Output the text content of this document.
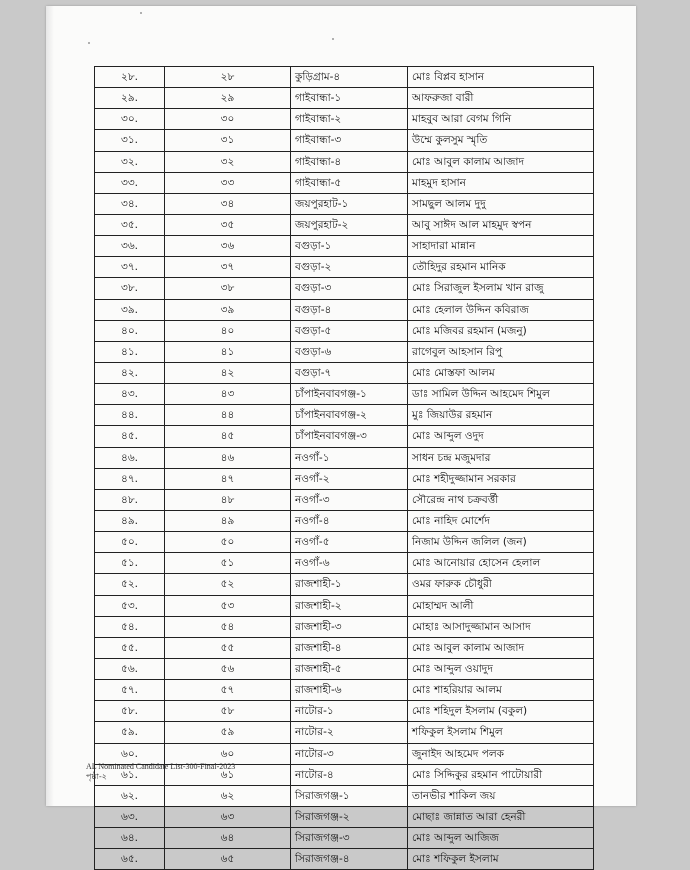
২৮.	২৮	কুড়িগ্রাম-৪	মোঃ বিপ্লব হাসান
২৯.	২৯	গাইবান্ধা-১	আফরুজা বারী
৩০.	৩০	গাইবান্ধা-২	মাহবুব আরা বেগম গিনি
৩১.	৩১	গাইবান্ধা-৩	উম্মে কুলসুম স্মৃতি
৩২.	৩২	গাইবান্ধা-৪	মোঃ আবুল কালাম আজাদ
৩৩.	৩৩	গাইবান্ধা-৫	মাহমুদ হাসান
৩৪.	৩৪	জয়পুরহাট-১	সামছুল আলম দুদু
৩৫.	৩৫	জয়পুরহাট-২	আবু সাঈদ আল মাহমুদ স্বপন
৩৬.	৩৬	বগুড়া-১	সাহাদারা মান্নান
৩৭.	৩৭	বগুড়া-২	তৌহিদুর রহমান মানিক
৩৮.	৩৮	বগুড়া-৩	মোঃ সিরাজুল ইসলাম খান রাজু
৩৯.	৩৯	বগুড়া-৪	মোঃ হেলাল উদ্দিন কবিরাজ
৪০.	৪০	বগুড়া-৫	মোঃ মজিবর রহমান (মজনু)
৪১.	৪১	বগুড়া-৬	রাগেবুল আহসান রিপু
৪২.	৪২	বগুড়া-৭	মোঃ মোস্তফা আলম
৪৩.	৪৩	চাঁপাইনবাবগঞ্জ-১	ডাঃ সামিল উদ্দিন আহমেদ শিমুল
৪৪.	৪৪	চাঁপাইনবাবগঞ্জ-২	মুঃ জিয়াউর রহমান
৪৫.	৪৫	চাঁপাইনবাবগঞ্জ-৩	মোঃ আব্দুল ওদুদ
৪৬.	৪৬	নওগাঁ-১	সাধন চন্দ্র মজুমদার
৪৭.	৪৭	নওগাঁ-২	মোঃ শহীদুজ্জামান সরকার
৪৮.	৪৮	নওগাঁ-৩	সৌরেন্দ্র নাথ চক্রবর্ত্তী
৪৯.	৪৯	নওগাঁ-৪	মোঃ নাহিদ মোর্শেদ
৫০.	৫০	নওগাঁ-৫	নিজাম উদ্দিন জলিল (জন)
৫১.	৫১	নওগাঁ-৬	মোঃ আনোয়ার হোসেন হেলাল
৫২.	৫২	রাজশাহী-১	ওমর ফারুক চৌধুরী
৫৩.	৫৩	রাজশাহী-২	মোহাম্মদ আলী
৫৪.	৫৪	রাজশাহী-৩	মোহাঃ আসাদুজ্জামান আসাদ
৫৫.	৫৫	রাজশাহী-৪	মোঃ আবুল কালাম আজাদ
৫৬.	৫৬	রাজশাহী-৫	মোঃ আব্দুল ওয়াদুদ
৫৭.	৫৭	রাজশাহী-৬	মোঃ শাহরিয়ার আলম
৫৮.	৫৮	নাটোর-১	মোঃ শহিদুল ইসলাম (বকুল)
৫৯.	৫৯	নাটোর-২	শফিকুল ইসলাম শিমুল
৬০.	৬০	নাটোর-৩	জুনাইদ আহমেদ পলক
৬১.	৬১	নাটোর-৪	মোঃ সিদ্দিকুর রহমান পাটোয়ারী
৬২.	৬২	সিরাজগঞ্জ-১	তানভীর শাকিল জয়
৬৩.	৬৩	সিরাজগঞ্জ-২	মোছাঃ জান্নাত আরা হেনরী
৬৪.	৬৪	সিরাজগঞ্জ-৩	মোঃ আব্দুল আজিজ
৬৫.	৬৫	সিরাজগঞ্জ-৪	মোঃ শফিকুল ইসলাম
AL Nominated Candidate List-300-Final-2023
পৃষ্ঠা-২
